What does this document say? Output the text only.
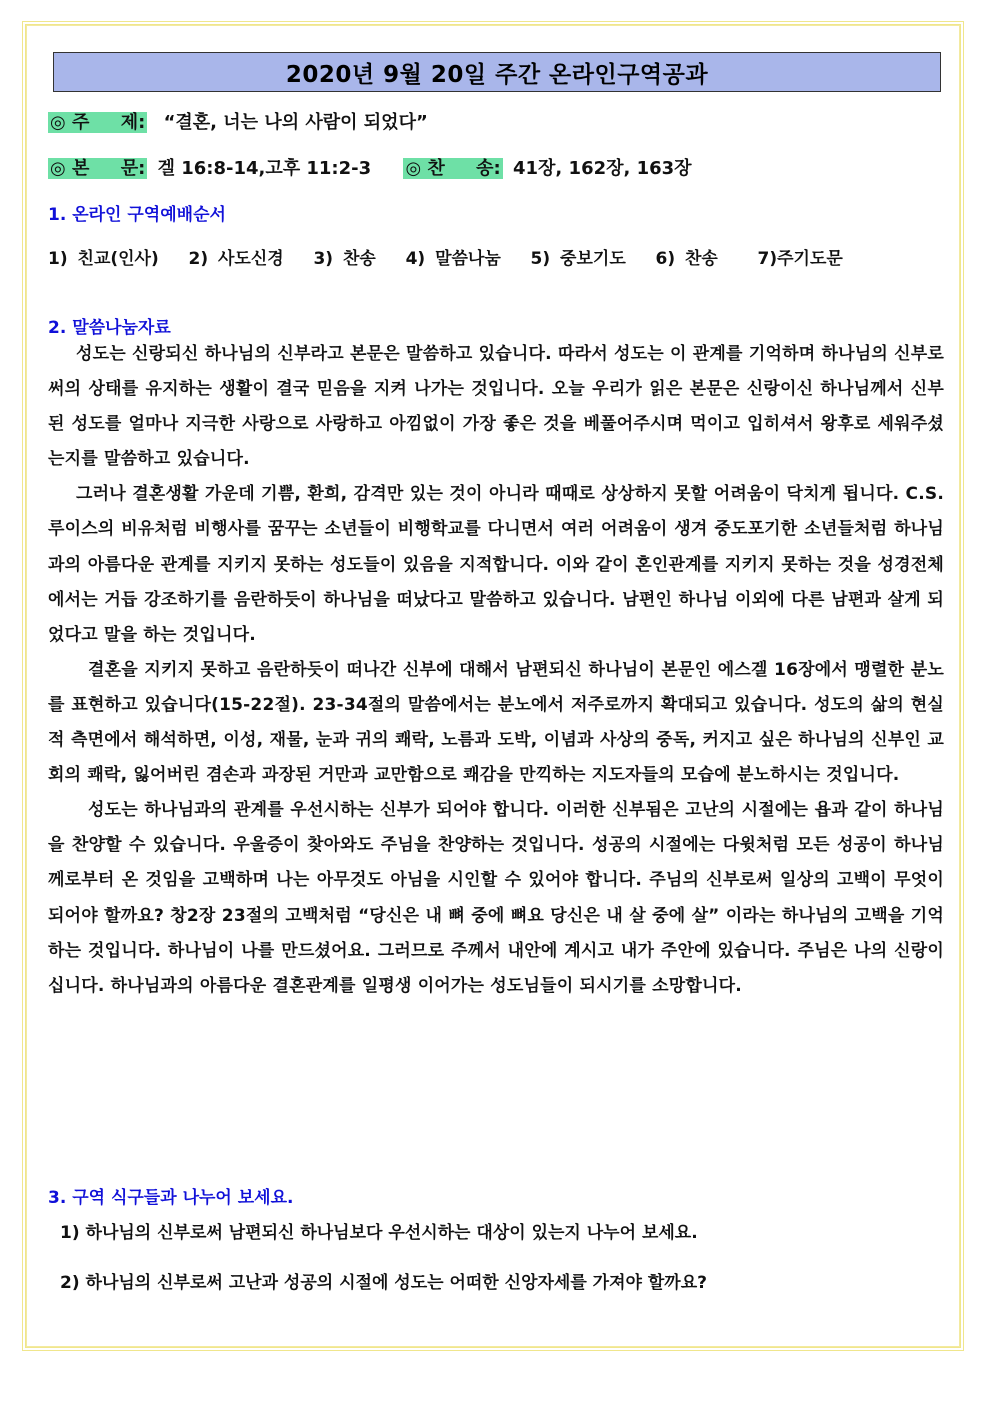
2020년 9월 20일 주간 온라인구역공과
◎ 주     제: “결혼, 너는 나의 사람이 되었다”
◎ 본     문: 겔 16:8-14,고후 11:2-3 ◎ 찬     송: 41장, 162장, 163장
1. 온라인 구역예배순서
1) 친교(인사)   2) 사도신경   3) 찬송   4) 말씀나눔   5) 중보기도   6) 찬송    7)주기도문
2. 말씀나눔자료

성도는 신랑되신 하나님의 신부라고 본문은 말씀하고 있습니다. 따라서 성도는 이 관계를 기억하며 하나님의 신부로써의 상태를 유지하는 생활이 결국 믿음을 지켜 나가는 것입니다. 오늘 우리가 읽은 본문은 신랑이신 하나님께서 신부된 성도를 얼마나 지극한 사랑으로 사랑하고 아낌없이 가장 좋은 것을 베풀어주시며 먹이고 입히셔서 왕후로 세워주셨는지를 말씀하고 있습니다.

그러나 결혼생활 가운데 기쁨, 환희, 감격만 있는 것이 아니라 때때로 상상하지 못할 어려움이 닥치게 됩니다. C.S.루이스의 비유처럼 비행사를 꿈꾸는 소년들이 비행학교를 다니면서 여러 어려움이 생겨 중도포기한 소년들처럼 하나님과의 아름다운 관계를 지키지 못하는 성도들이 있음을 지적합니다. 이와 같이 혼인관계를 지키지 못하는 것을 성경전체에서는 거듭 강조하기를 음란하듯이 하나님을 떠났다고 말씀하고 있습니다. 남편인 하나님 이외에 다른 남편과 살게 되었다고 말을 하는 것입니다.

결혼을 지키지 못하고 음란하듯이 떠나간 신부에 대해서 남편되신 하나님이 본문인 에스겔 16장에서 맹렬한 분노를 표현하고 있습니다(15-22절). 23-34절의 말씀에서는 분노에서 저주로까지 확대되고 있습니다. 성도의 삶의 현실적 측면에서 해석하면, 이성, 재물, 눈과 귀의 쾌락, 노름과 도박, 이념과 사상의 중독, 커지고 싶은 하나님의 신부인 교회의 쾌락, 잃어버린 겸손과 과장된 거만과 교만함으로 쾌감을 만끽하는 지도자들의 모습에 분노하시는 것입니다.

성도는 하나님과의 관계를 우선시하는 신부가 되어야 합니다. 이러한 신부됨은 고난의 시절에는 욥과 같이 하나님을 찬양할 수 있습니다. 우울증이 찾아와도 주님을 찬양하는 것입니다. 성공의 시절에는 다윗처럼 모든 성공이 하나님께로부터 온 것임을 고백하며 나는 아무것도 아님을 시인할 수 있어야 합니다. 주님의 신부로써 일상의 고백이 무엇이 되어야 할까요? 창2장 23절의 고백처럼 “당신은 내 뼈 중에 뼈요 당신은 내 살 중에 살” 이라는 하나님의 고백을 기억하는 것입니다. 하나님이 나를 만드셨어요. 그러므로 주께서 내안에 계시고 내가 주안에 있습니다. 주님은 나의 신랑이십니다. 하나님과의 아름다운 결혼관계를 일평생 이어가는 성도님들이 되시기를 소망합니다.

3. 구역 식구들과 나누어 보세요.
1) 하나님의 신부로써 남편되신 하나님보다 우선시하는 대상이 있는지 나누어 보세요.
2) 하나님의 신부로써 고난과 성공의 시절에 성도는 어떠한 신앙자세를 가져야 할까요?
